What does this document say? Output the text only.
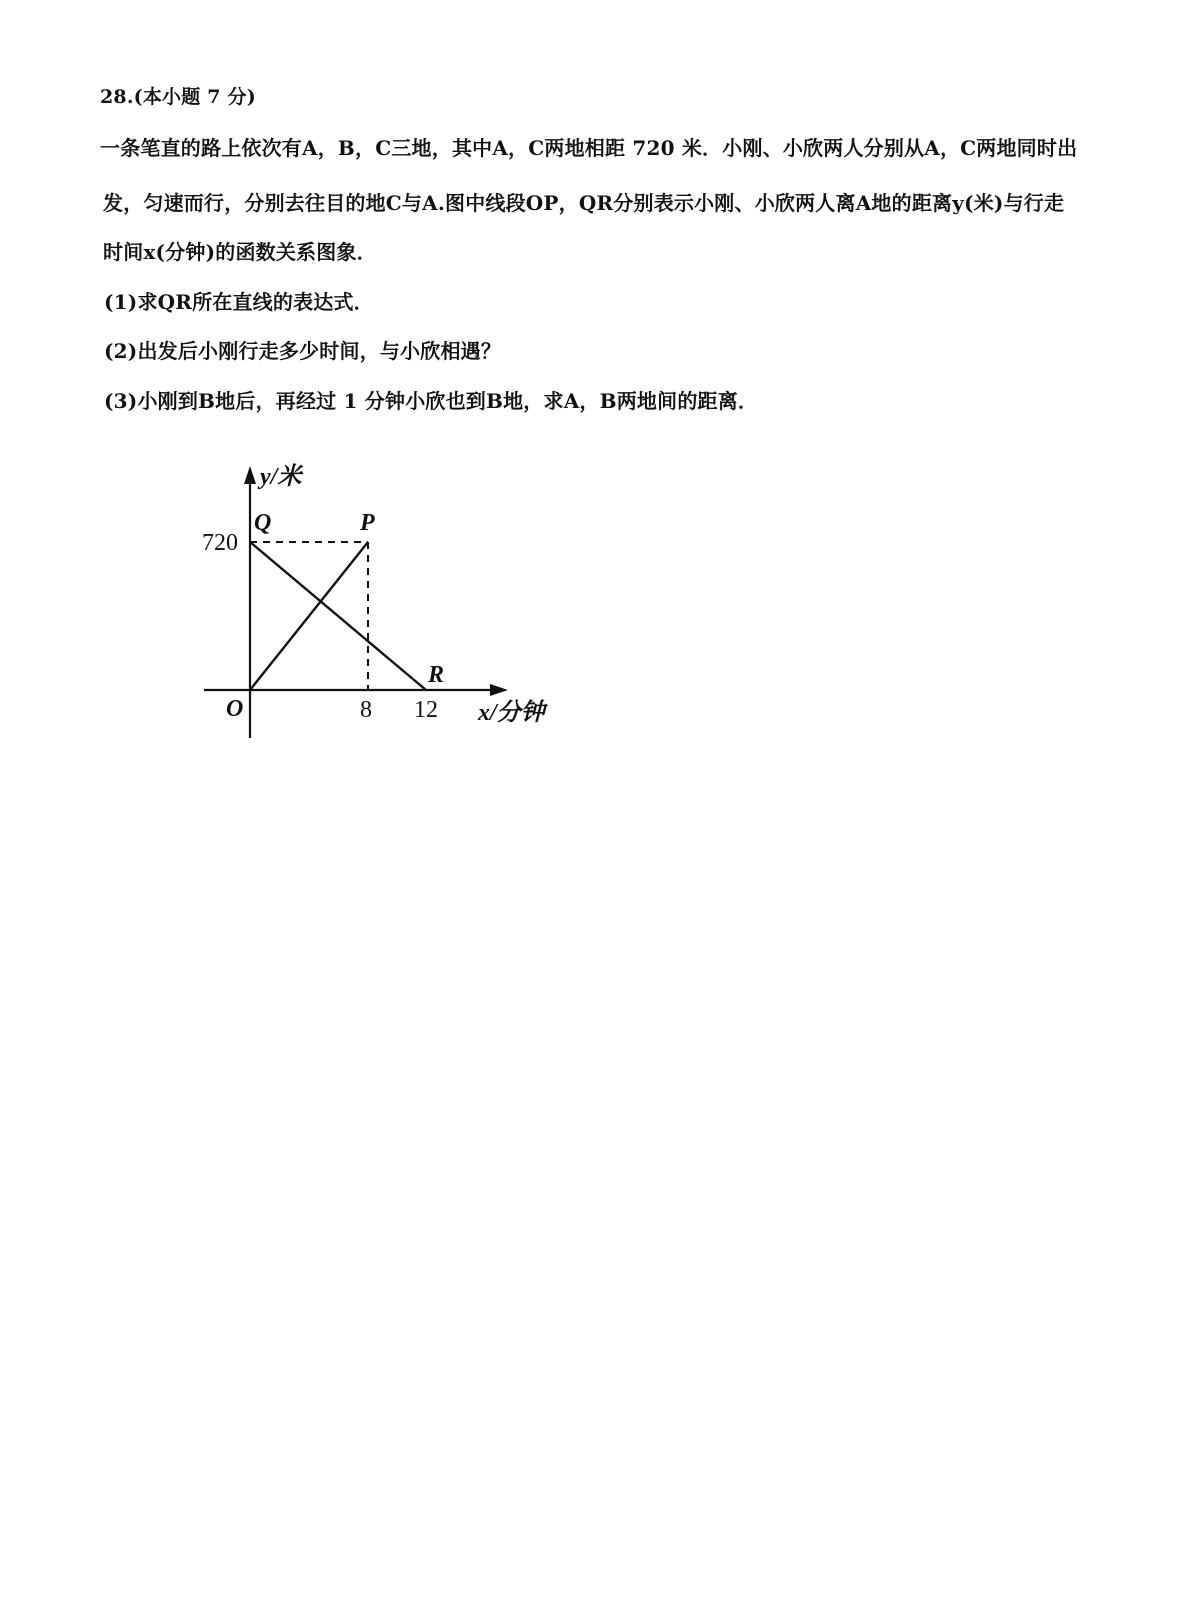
28.(本小题 7 分)
一条笔直的路上依次有A，B，C三地，其中A，C两地相距 720 米．小刚、小欣两人分别从A，C两地同时出
发，匀速而行，分别去往目的地C与A.图中线段OP，QR分别表示小刚、小欣两人离A地的距离y(米)与行走
时间x(分钟)的函数关系图象．
(1)求QR所在直线的表达式．
(2)出发后小刚行走多少时间，与小欣相遇？
(3)小刚到B地后，再经过 1 分钟小欣也到B地，求A，B两地间的距离．
y/米
720
Q	P
R
O	8 12 x/分钟
